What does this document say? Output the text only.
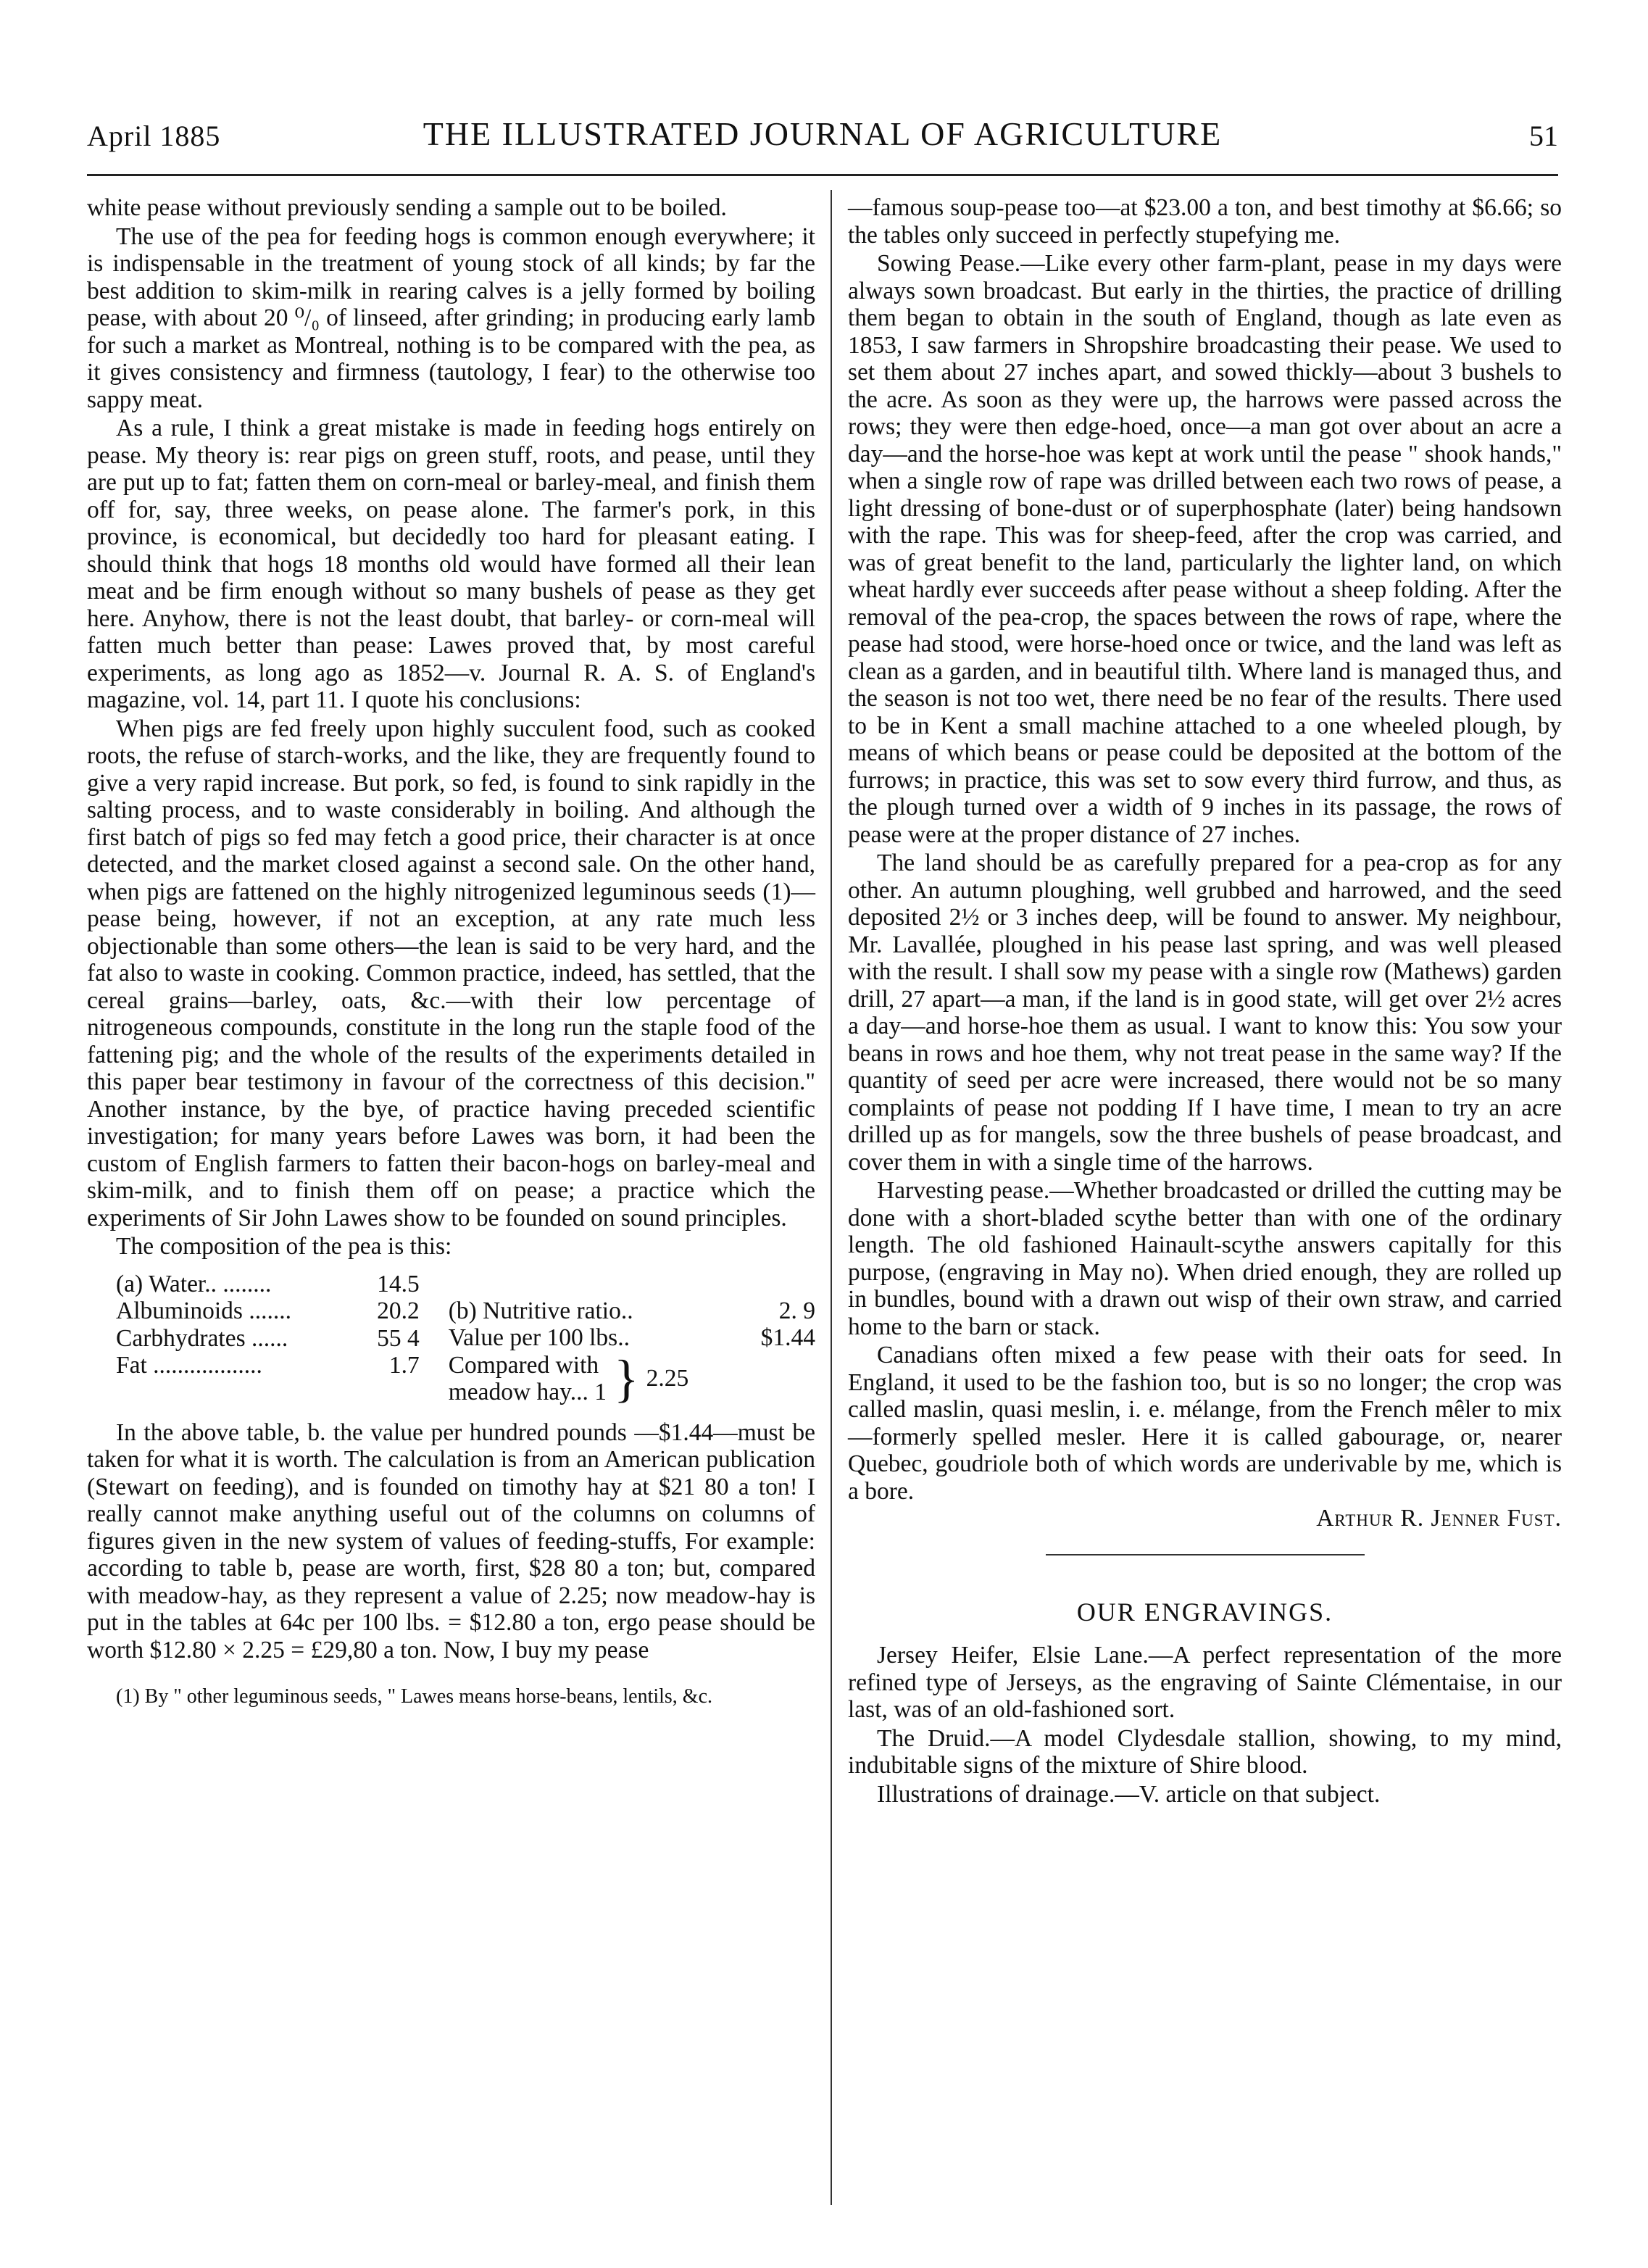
April 1885	THE ILLUSTRATED JOURNAL OF AGRICULTURE	51

white pease without previously sending a sample out to be boiled.

The use of the pea for feeding hogs is common enough everywhere; it is indispensable in the treatment of young stock of all kinds; by far the best addition to skim-milk in rearing calves is a jelly formed by boiling pease, with about 20 ⁰/₀ of linseed, after grinding; in producing early lamb for such a market as Montreal, nothing is to be compared with the pea, as it gives consistency and firmness (tautology, I fear) to the otherwise too sappy meat.

As a rule, I think a great mistake is made in feeding hogs entirely on pease. My theory is: rear pigs on green stuff, roots, and pease, until they are put up to fat; fatten them on corn-meal or barley-meal, and finish them off for, say, three weeks, on pease alone. The farmer's pork, in this province, is economical, but decidedly too hard for pleasant eating. I should think that hogs 18 months old would have formed all their lean meat and be firm enough without so many bushels of pease as they get here. Anyhow, there is not the least doubt, that barley- or corn-meal will fatten much better than pease: Lawes proved that, by most careful experiments, as long ago as 1852—v. Journal R. A. S. of England's magazine, vol. 14, part 11. I quote his conclusions:

When pigs are fed freely upon highly succulent food, such as cooked roots, the refuse of starch-works, and the like, they are frequently found to give a very rapid increase. But pork, so fed, is found to sink rapidly in the salting process, and to waste considerably in boiling. And although the first batch of pigs so fed may fetch a good price, their character is at once detected, and the market closed against a second sale. On the other hand, when pigs are fattened on the highly nitrogenized leguminous seeds (1)—pease being, however, if not an exception, at any rate much less objectionable than some others—the lean is said to be very hard, and the fat also to waste in cooking. Common practice, indeed, has settled, that the cereal grains—barley, oats, &c.—with their low percentage of nitrogeneous compounds, constitute in the long run the staple food of the fattening pig; and the whole of the results of the experiments detailed in this paper bear testimony in favour of the correctness of this decision." Another instance, by the bye, of practice having preceded scientific investigation; for many years before Lawes was born, it had been the custom of English farmers to fatten their bacon-hogs on barley-meal and skim-milk, and to finish them off on pease; a practice which the experiments of Sir John Lawes show to be founded on sound principles.

The composition of the pea is this:

(a) Water.. ........	14.5
Albuminoids .......	20.2
Carbhydrates ......	55 4
Fat ..................	1.7
(b) Nutritive ratio..	2. 9
Value per 100 lbs..	$1.44
Compared with
meadow hay... 1 } 2.25

In the above table, b. the value per hundred pounds —$1.44—must be taken for what it is worth. The calculation is from an American publication (Stewart on feeding), and is founded on timothy hay at $21 80 a ton! I really cannot make anything useful out of the columns on columns of figures given in the new system of values of feeding-stuffs, For example: according to table b, pease are worth, first, $28 80 a ton; but, compared with meadow-hay, as they represent a value of 2.25; now meadow-hay is put in the tables at 64c per 100 lbs. = $12.80 a ton, ergo pease should be worth $12.80 × 2.25 = £29,80 a ton. Now, I buy my pease

(1) By " other leguminous seeds, " Lawes means horse-beans, lentils, &c.

—famous soup-pease too—at $23.00 a ton, and best timothy at $6.66; so the tables only succeed in perfectly stupefying me.

Sowing Pease.—Like every other farm-plant, pease in my days were always sown broadcast. But early in the thirties, the practice of drilling them began to obtain in the south of England, though as late even as 1853, I saw farmers in Shropshire broadcasting their pease. We used to set them about 27 inches apart, and sowed thickly—about 3 bushels to the acre. As soon as they were up, the harrows were passed across the rows; they were then edge-hoed, once—a man got over about an acre a day—and the horse-hoe was kept at work until the pease " shook hands," when a single row of rape was drilled between each two rows of pease, a light dressing of bone-dust or of superphosphate (later) being handsown with the rape. This was for sheep-feed, after the crop was carried, and was of great benefit to the land, particularly the lighter land, on which wheat hardly ever succeeds after pease without a sheep folding. After the removal of the pea-crop, the spaces between the rows of rape, where the pease had stood, were horse-hoed once or twice, and the land was left as clean as a garden, and in beautiful tilth. Where land is managed thus, and the season is not too wet, there need be no fear of the results. There used to be in Kent a small machine attached to a one wheeled plough, by means of which beans or pease could be deposited at the bottom of the furrows; in practice, this was set to sow every third furrow, and thus, as the plough turned over a width of 9 inches in its passage, the rows of pease were at the proper distance of 27 inches.

The land should be as carefully prepared for a pea-crop as for any other. An autumn ploughing, well grubbed and harrowed, and the seed deposited 2½ or 3 inches deep, will be found to answer. My neighbour, Mr. Lavallée, ploughed in his pease last spring, and was well pleased with the result. I shall sow my pease with a single row (Mathews) garden drill, 27 apart—a man, if the land is in good state, will get over 2½ acres a day—and horse-hoe them as usual. I want to know this: You sow your beans in rows and hoe them, why not treat pease in the same way? If the quantity of seed per acre were increased, there would not be so many complaints of pease not podding If I have time, I mean to try an acre drilled up as for mangels, sow the three bushels of pease broadcast, and cover them in with a single time of the harrows.

Harvesting pease.—Whether broadcasted or drilled the cutting may be done with a short-bladed scythe better than with one of the ordinary length. The old fashioned Hainault-scythe answers capitally for this purpose, (engraving in May no). When dried enough, they are rolled up in bundles, bound with a drawn out wisp of their own straw, and carried home to the barn or stack.

Canadians often mixed a few pease with their oats for seed. In England, it used to be the fashion too, but is so no longer; the crop was called maslin, quasi meslin, i. e. mélange, from the French mêler to mix—formerly spelled mesler. Here it is called gabourage, or, nearer Quebec, goudriole both of which words are underivable by me, which is a bore.

Arthur R. Jenner Fust.
OUR ENGRAVINGS.

Jersey Heifer, Elsie Lane.—A perfect representation of the more refined type of Jerseys, as the engraving of Sainte Clémentaise, in our last, was of an old-fashioned sort.

The Druid.—A model Clydesdale stallion, showing, to my mind, indubitable signs of the mixture of Shire blood.

Illustrations of drainage.—V. article on that subject.
